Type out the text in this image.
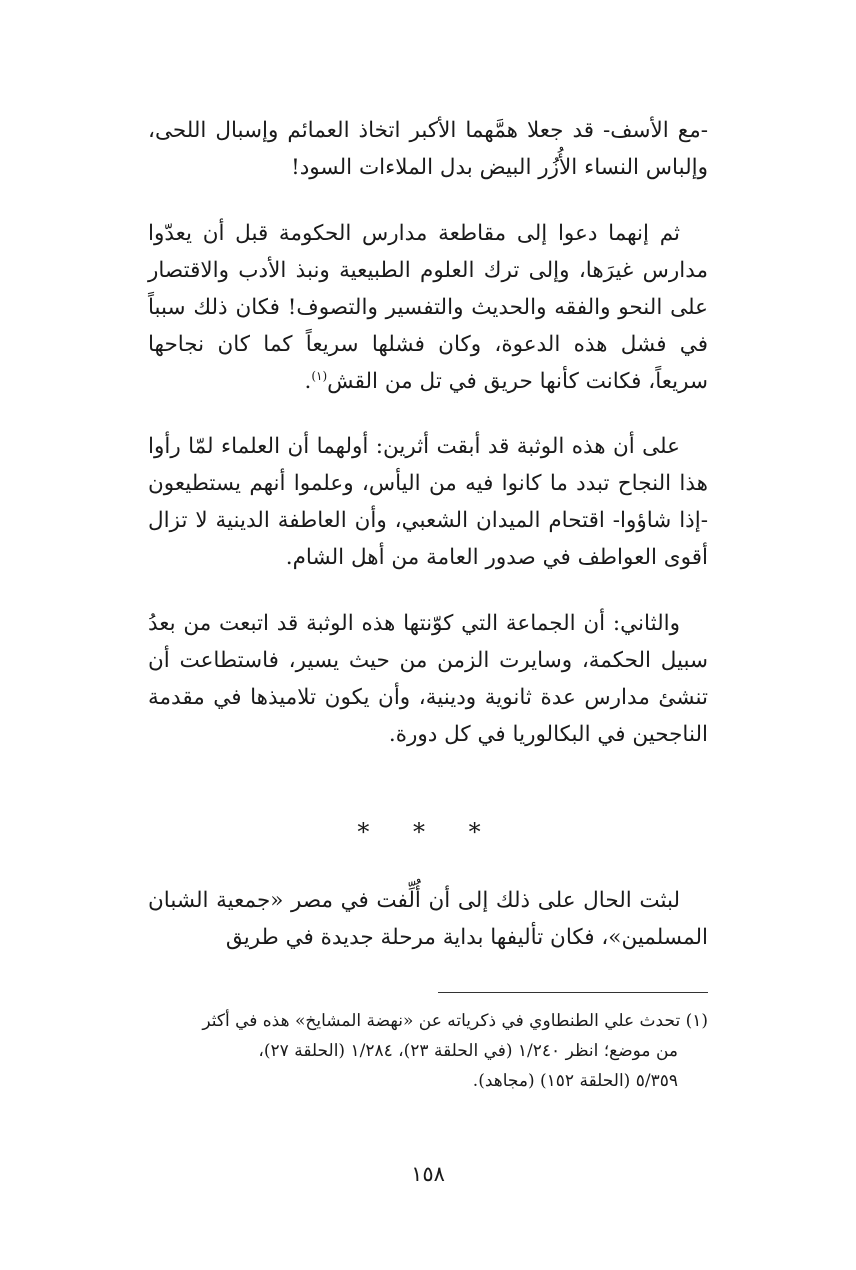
-مع الأسف- قد جعلا همَّهما الأكبر اتخاذ العمائم وإسبال اللحى، وإلباس النساء الأُزُر البيض بدل الملاءات السود!

ثم إنهما دعوا إلى مقاطعة مدارس الحكومة قبل أن يعدّوا مدارس غيرَها، وإلى ترك العلوم الطبيعية ونبذ الأدب والاقتصار على النحو والفقه والحديث والتفسير والتصوف! فكان ذلك سبباً في فشل هذه الدعوة، وكان فشلها سريعاً كما كان نجاحها سريعاً، فكانت كأنها حريق في تل من القش$^{(١)}$.

على أن هذه الوثبة قد أبقت أثرين: أولهما أن العلماء لمّا رأوا هذا النجاح تبدد ما كانوا فيه من اليأس، وعلموا أنهم يستطيعون -إذا شاؤوا- اقتحام الميدان الشعبي، وأن العاطفة الدينية لا تزال أقوى العواطف في صدور العامة من أهل الشام.

والثاني: أن الجماعة التي كوّنتها هذه الوثبة قد اتبعت من بعدُ سبيل الحكمة، وسايرت الزمن من حيث يسير، فاستطاعت أن تنشئ مدارس عدة ثانوية ودينية، وأن يكون تلاميذها في مقدمة الناجحين في البكالوريا في كل دورة.

* * *

لبثت الحال على ذلك إلى أن أُلِّفت في مصر «جمعية الشبان المسلمين»، فكان تأليفها بداية مرحلة جديدة في طريق

(١) تحدث علي الطنطاوي في ذكرياته عن «نهضة المشايخ» هذه في أكثر

من موضع؛ انظر ١/٢٤٠ (في الحلقة ٢٣)، ١/٢٨٤ (الحلقة ٢٧)،

٥/٣٥٩ (الحلقة ١٥٢) (مجاهد).

١٥٨
